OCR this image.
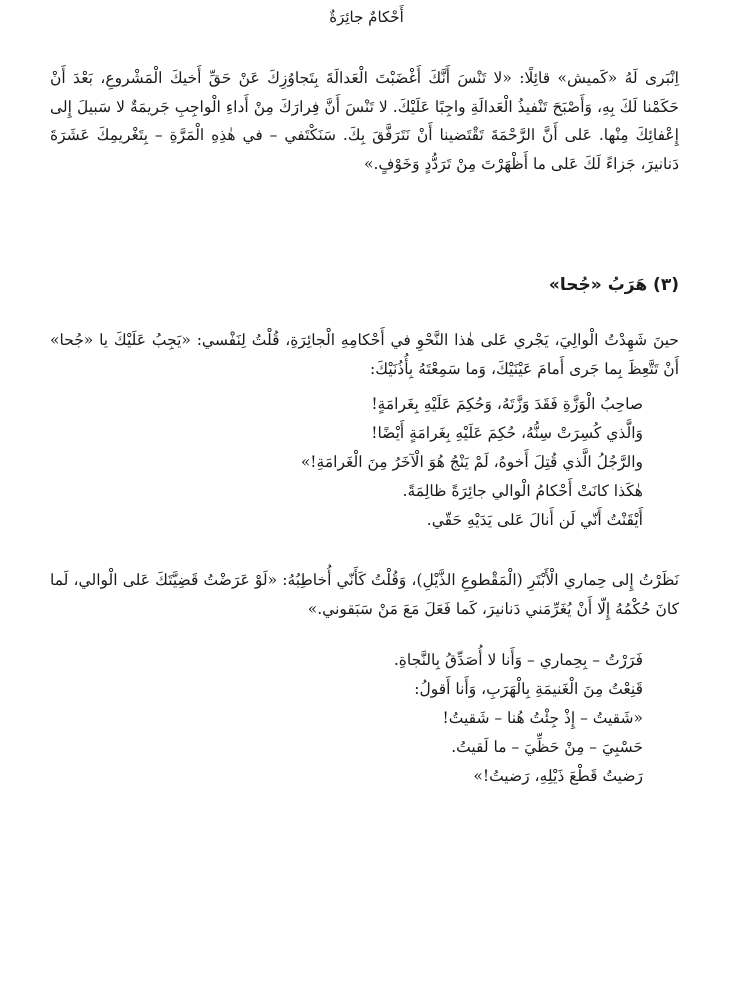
أَحْكامٌ جائِرَةٌ

اِنْبَرى لَهُ «كَميش» قائِلًا: «لا تَنْسَ أَنَّكَ أَغْضَبْتَ الْعَدالَةَ بِتَجاوُزِكَ عَنْ حَقِّ أَخيكَ الْمَشْروعِ، بَعْدَ أَنْ حَكَمْنا لَكَ بِهِ، وَأَصْبَحَ تَنْفيذُ الْعَدالَةِ واجِبًا عَلَيْكَ. لا تَنْسَ أَنَّ فِرارَكَ مِنْ أَداءِ الْواجِبِ جَريمَةٌ لا سَبيلَ إِلى إِعْفائِكَ مِنْها. عَلى أَنَّ الرَّحْمَةَ تَقْتَضينا أَنْ نَتَرَفَّقَ بِكَ. سَنَكْتَفي – في هٰذِهِ الْمَرَّةِ – بِتَغْريمِكَ عَشَرَةَ دَنانيرَ، جَزاءً لَكَ عَلى ما أَظْهَرْتَ مِنْ تَرَدُّدٍ وَخَوْفٍ.»

(٣) هَرَبُ «جُحا»

حينَ شَهِدْتُ الْوالِيَ، يَجْري عَلى هٰذا النَّحْوِ في أَحْكامِهِ الْجائِرَةِ، قُلْتُ لِنَفْسي: «يَجِبُ عَلَيْكَ يا «جُحا» أَنْ تَتَّعِظَ بِما جَرى أَمامَ عَيْنَيْكَ، وَما سَمِعْتَهُ بِأُذُنَيْكَ:

صاحِبُ الْوَزَّةِ فَقَدَ وَزَّتَهُ، وَحُكِمَ عَلَيْهِ بِغَرامَةٍ!
وَالَّذي كُسِرَتْ سِنُّهُ، حُكِمَ عَلَيْهِ بِغَرامَةٍ أَيْضًا!
والرَّجُلُ الَّذي قُتِلَ أَخوهُ، لَمْ يَنْجُ هُوَ الْآخَرُ مِنَ الْغَرامَةِ!»
هٰكَذا كانَتْ أَحْكامُ الْوالي جائِرَةً ظالِمَةً.
أَيْقَنْتُ أَنّي لَن أَنالَ عَلى يَدَيْهِ حَقّي.

نَظَرْتُ إِلى حِماري الْأَبْتَرِ (الْمَقْطوعِ الذَّيْلِ)، وَقُلْتُ كَأَنّي أُخاطِبُهُ: «لَوْ عَرَضْتُ قَضِيَّتَكَ عَلى الْوالي، لَما كانَ حُكْمُهُ إِلّا أَنْ يُغَرِّمَني دَنانيرَ، كَما فَعَلَ مَعَ مَنْ سَبَقوني.»

فَرَرْتُ – بِحِماري – وَأَنا لا أُصَدِّقُ بِالنَّجاةِ.
قَنِعْتُ مِنَ الْغَنيمَةِ بِالْهَرَبِ، وَأَنا أَقولُ:
«شَقيتُ – إِذْ جِئْتُ هُنا – شَقيتُ!
حَسْبِيَ – مِنْ حَظِّيَ – ما لَقيتُ.
رَضيتُ قَطْعَ ذَيْلِهِ، رَضيتُ!»
